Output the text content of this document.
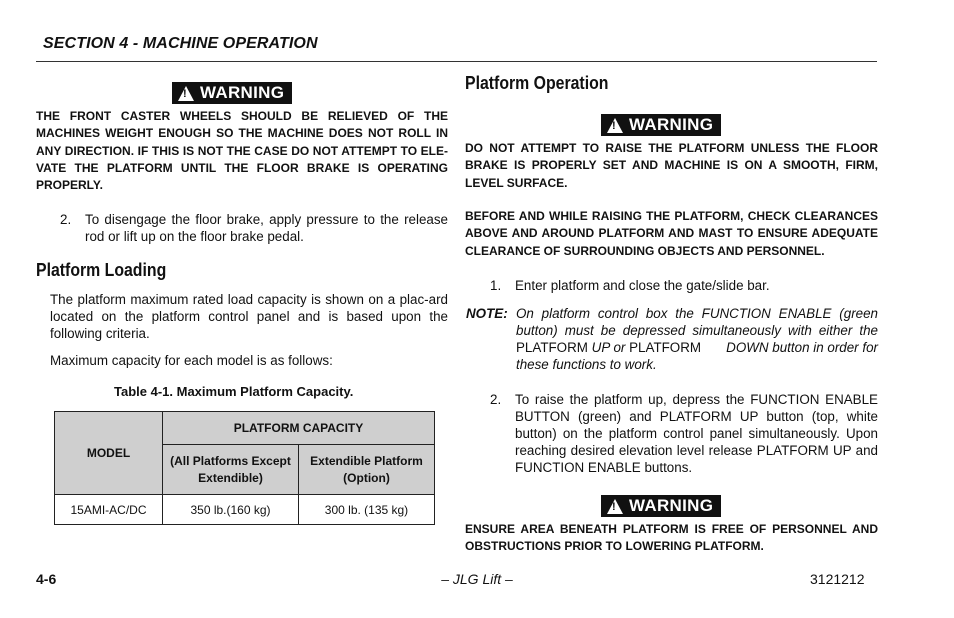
SECTION 4 - MACHINE OPERATION
!
WARNING
THE FRONT CASTER WHEELS SHOULD BE RELIEVED OF THE MACHINES WEIGHT ENOUGH SO THE MACHINE DOES NOT ROLL IN ANY DIRECTION. IF THIS IS NOT THE CASE DO NOT ATTEMPT TO ELE-VATE THE PLATFORM UNTIL THE FLOOR BRAKE IS OPERATING PROPERLY.
2. To disengage the floor brake, apply pressure to the release rod or lift up on the floor brake pedal.
Platform Loading
The platform maximum rated load capacity is shown on a plac-ard located on the platform control panel and is based upon the following criteria.
Maximum capacity for each model is as follows:
Table 4-1. Maximum Platform Capacity.
MODEL	PLATFORM CAPACITY	
	(All Platforms Except Extendible)	Extendible Platform (Option)
15AMI-AC/DC	350 lb.(160 kg)	300 lb. (135 kg)
Platform Operation
!
WARNING
DO NOT ATTEMPT TO RAISE THE PLATFORM UNLESS THE FLOOR BRAKE IS PROPERLY SET AND MACHINE IS ON A SMOOTH, FIRM, LEVEL SURFACE.
BEFORE AND WHILE RAISING THE PLATFORM, CHECK CLEARANCES ABOVE AND AROUND PLATFORM AND MAST TO ENSURE ADEQUATE CLEARANCE OF SURROUNDING OBJECTS AND PERSONNEL.
1. Enter platform and close the gate/slide bar.
NOTE: On platform control box the FUNCTION ENABLE (green
button) must be depressed simultaneously with either the
PLATFORM UP or PLATFORM DOWN button in order for
these functions to work.
2. To raise the platform up, depress the FUNCTION ENABLE BUTTON (green) and PLATFORM UP button (top, white button) on the platform control panel simultaneously. Upon reaching desired elevation level release PLATFORM UP and FUNCTION ENABLE buttons.
!
WARNING
ENSURE AREA BENEATH PLATFORM IS FREE OF PERSONNEL AND OBSTRUCTIONS PRIOR TO LOWERING PLATFORM.
4-6	– JLG Lift –	3121212
